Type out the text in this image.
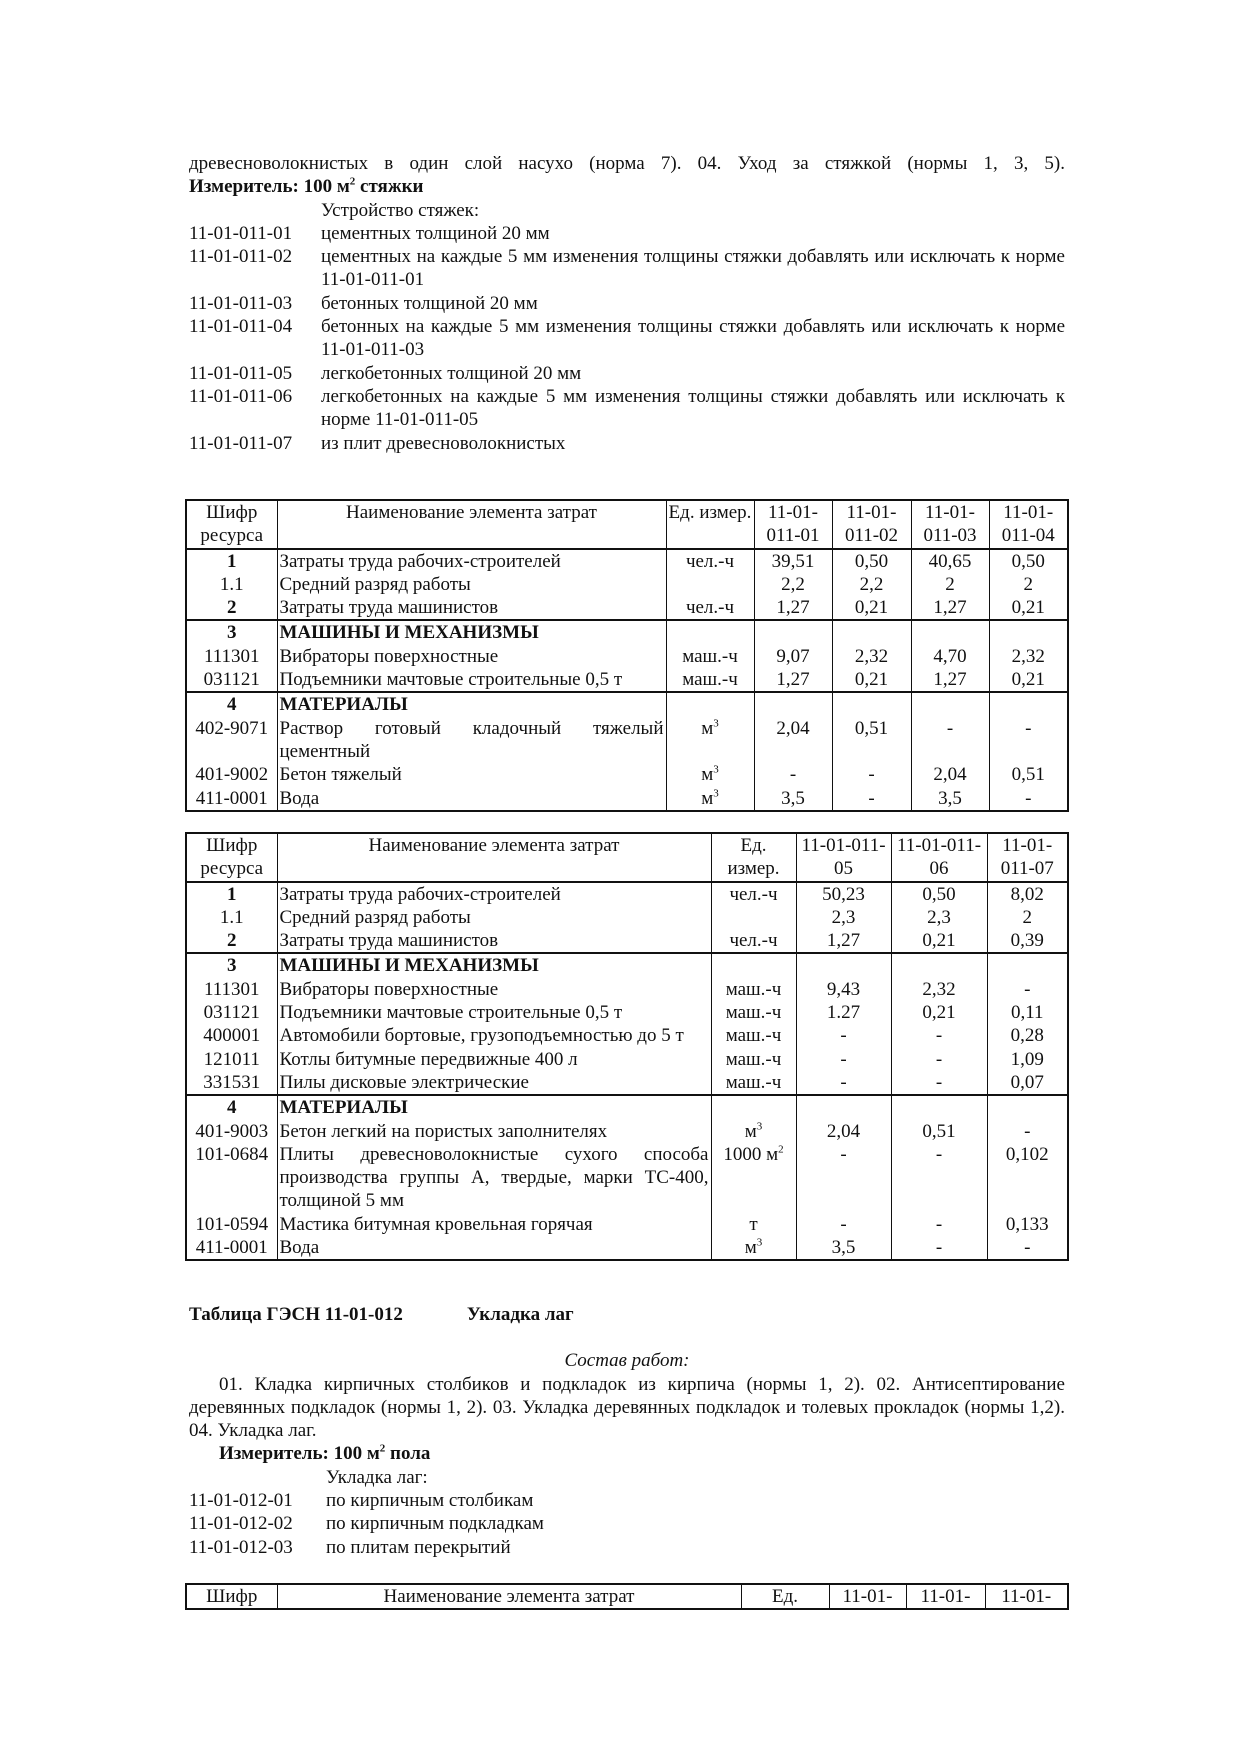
древесноволокнистых в один слой насухо (норма 7). 04. Уход за стяжкой (нормы 1, 3, 5).
Измеритель: 100 $м^2$ стяжки
Устройство стяжек:
11-01-011-01	цементных толщиной 20 мм
11-01-011-02	цементных на каждые 5 мм изменения толщины стяжки добавлять или исключать к норме 11-01-011-01
11-01-011-03	бетонных толщиной 20 мм
11-01-011-04	бетонных на каждые 5 мм изменения толщины стяжки добавлять или исключать к норме 11-01-011-03
11-01-011-05	легкобетонных толщиной 20 мм
11-01-011-06	легкобетонных на каждые 5 мм изменения толщины стяжки добавлять или исключать к норме 11-01-011-05
11-01-011-07	из плит древесноволокнистых
Шифр ресурса	Наименование элемента затрат	Ед. измер.	11-01-011-01	11-01-011-02	11-01-011-03	11-01-011-04
1	Затраты труда рабочих-строителей	чел.-ч	39,51	0,50	40,65	0,50
1.1	Средний разряд работы		2,2	2,2	2	2
2	Затраты труда машинистов	чел.-ч	1,27	0,21	1,27	0,21
3	МАШИНЫ И МЕХАНИЗМЫ					
111301	Вибраторы поверхностные	маш.-ч	9,07	2,32	4,70	2,32
031121	Подъемники мачтовые строительные 0,5 т	маш.-ч	1,27	0,21	1,27	0,21
4	МАТЕРИАЛЫ					
402-9071	Раствор готовый кладочный тяжелый цементный	$м^3$	2,04	0,51	-	-
401-9002	Бетон тяжелый	$м^3$	-	-	2,04	0,51
411-0001	Вода	$м^3$	3,5	-	3,5	-
Шифр ресурса	Наименование элемента затрат	Ед. измер.	11-01-011-05	11-01-011-06	11-01-011-07
1	Затраты труда рабочих-строителей	чел.-ч	50,23	0,50	8,02
1.1	Средний разряд работы		2,3	2,3	2
2	Затраты труда машинистов	чел.-ч	1,27	0,21	0,39
3	МАШИНЫ И МЕХАНИЗМЫ				
111301	Вибраторы поверхностные	маш.-ч	9,43	2,32	-
031121	Подъемники мачтовые строительные 0,5 т	маш.-ч	1.27	0,21	0,11
400001	Автомобили бортовые, грузоподъемностью до 5 т	маш.-ч	-	-	0,28
121011	Котлы битумные передвижные 400 л	маш.-ч	-	-	1,09
331531	Пилы дисковые электрические	маш.-ч	-	-	0,07
4	МАТЕРИАЛЫ				
401-9003	Бетон легкий на пористых заполнителях	$м^3$	2,04	0,51	-
101-0684	Плиты древесноволокнистые сухого способа производства группы А, твердые, марки ТС-400, толщиной 5 мм	1000 $м^2$	-	-	0,102
101-0594	Мастика битумная кровельная горячая	т	-	-	0,133
411-0001	Вода	$м^3$	3,5	-	-
Таблица ГЭСН 11-01-012	Укладка лаг
Состав работ:
01. Кладка кирпичных столбиков и подкладок из кирпича (нормы 1, 2). 02. Антисептирование деревянных подкладок (нормы 1, 2). 03. Укладка деревянных подкладок и толевых прокладок (нормы 1,2). 04. Укладка лаг.
Измеритель: 100 $м^2$ пола
Укладка лаг:
11-01-012-01	по кирпичным столбикам
11-01-012-02	по кирпичным подкладкам
11-01-012-03	по плитам перекрытий
Шифр	Наименование элемента затрат	Ед.	11-01-	11-01-	11-01-
